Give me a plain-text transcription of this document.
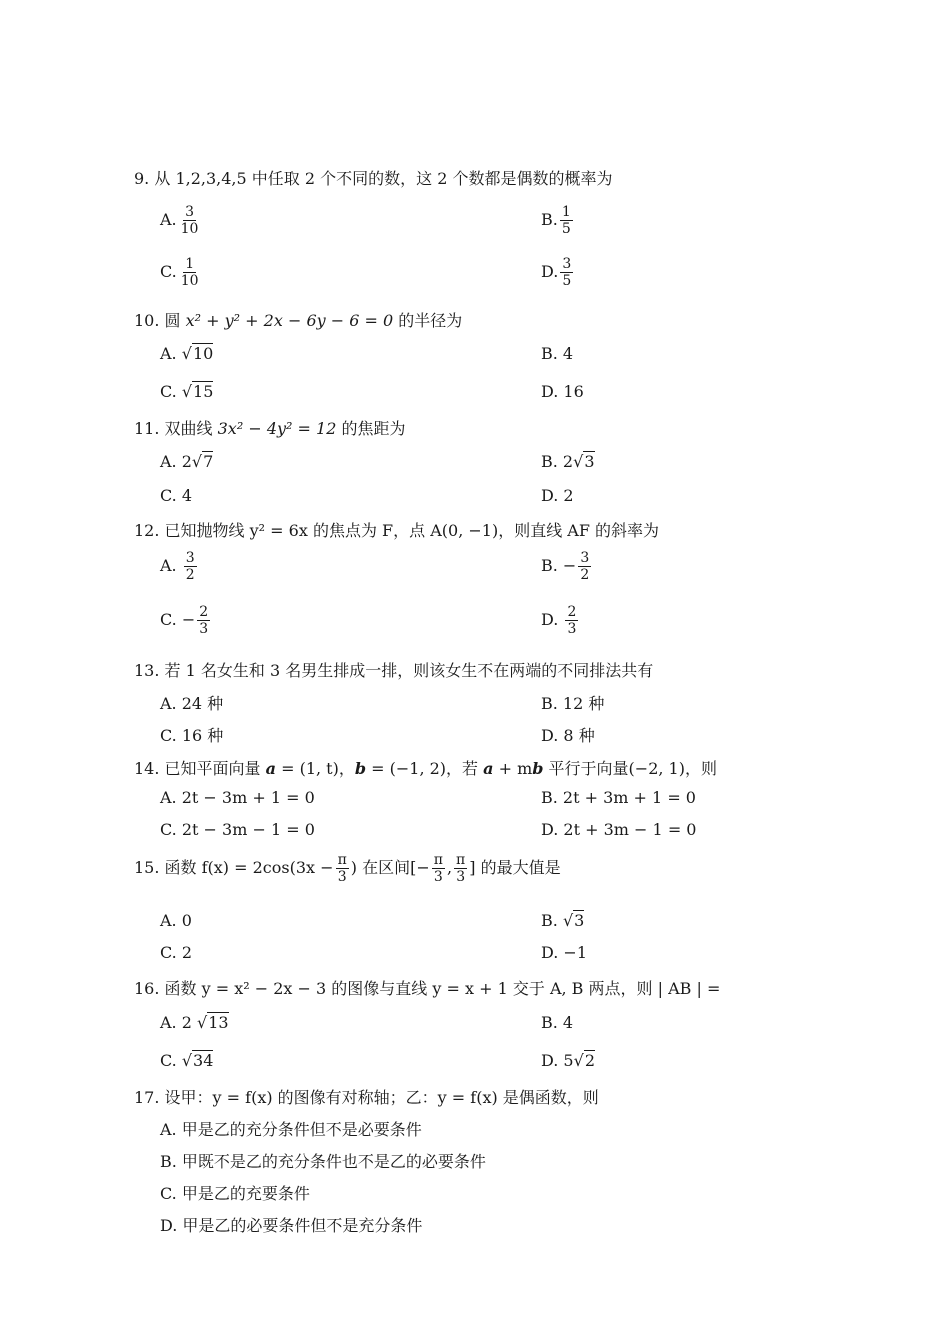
9. 从 1,2,3,4,5 中任取 2 个不同的数，这 2 个数都是偶数的概率为
A. $\frac{3}{10}$	B. $\frac{1}{5}$
C. $\frac{1}{10}$	D. $\frac{3}{5}$
10. 圆 x² + y² + 2x − 6y − 6 = 0 的半径为
A. √10	B. 4
C. √15	D. 16
11. 双曲线 3x² − 4y² = 12 的焦距为
A. 2√7	B. 2√3
C. 4	D. 2
12. 已知抛物线 y² = 6x 的焦点为 F，点 A(0, −1)，则直线 AF 的斜率为
A. $\frac{3}{2}$	B. − $\frac{3}{2}$
C. − $\frac{2}{3}$	D. $\frac{2}{3}$
13. 若 1 名女生和 3 名男生排成一排，则该女生不在两端的不同排法共有
A. 24 种	B. 12 种
C. 16 种	D. 8 种
14. 已知平面向量 a = (1, t)，b = (−1, 2)，若 a + mb 平行于向量(−2, 1)，则
A. 2t − 3m + 1 = 0	B. 2t + 3m + 1 = 0
C. 2t − 3m − 1 = 0	D. 2t + 3m − 1 = 0
15. 函数 $f(x) = 2\cos(3x - \frac{\pi}{3}$ ) 在区间[− $\frac{\pi}{3}$ , $\frac{\pi}{3}$ ] 的最大值是
A. 0	B. √3
C. 2	D. −1
16. 函数 y = x² − 2x − 3 的图像与直线 y = x + 1 交于 A, B 两点，则 | AB | =
A. 2 √13	B. 4
C. √34	D. 5√2
17. 设甲：y = f(x) 的图像有对称轴；乙：y = f(x) 是偶函数，则
A. 甲是乙的充分条件但不是必要条件
B. 甲既不是乙的充分条件也不是乙的必要条件
C. 甲是乙的充要条件
D. 甲是乙的必要条件但不是充分条件
